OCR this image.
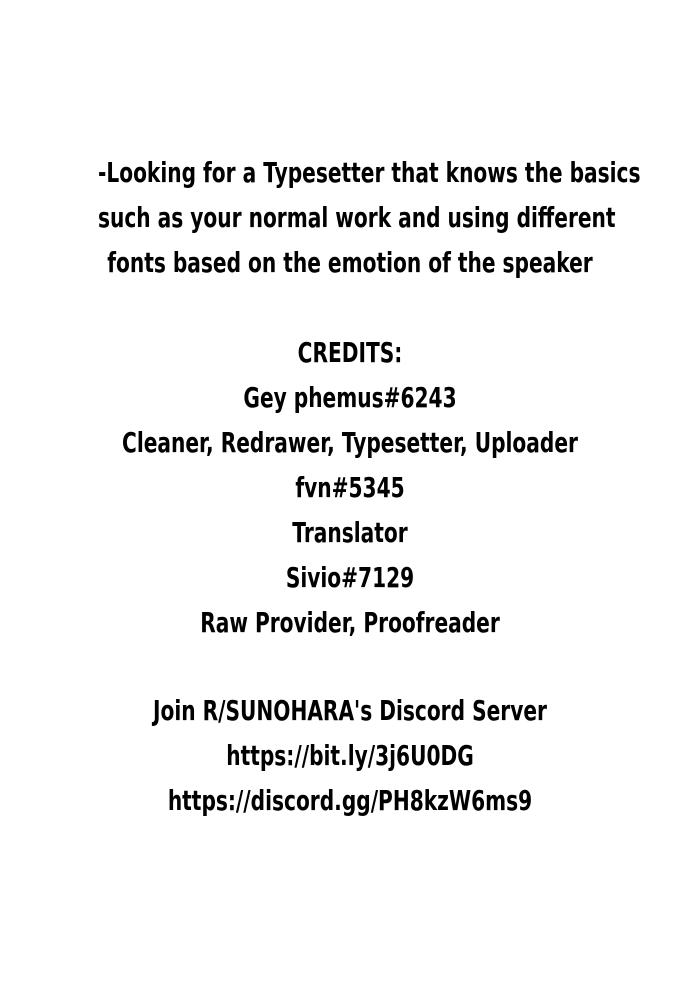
-Looking for a Typesetter that knows the basics
such as your normal work and using different
fonts based on the emotion of the speaker
CREDITS:
Gey phemus#6243
Cleaner, Redrawer, Typesetter, Uploader
fvn#5345
Translator
Sivio#7129
Raw Provider, Proofreader
Join R/SUNOHARA's Discord Server
https://bit.ly/3j6U0DG
https://discord.gg/PH8kzW6ms9
